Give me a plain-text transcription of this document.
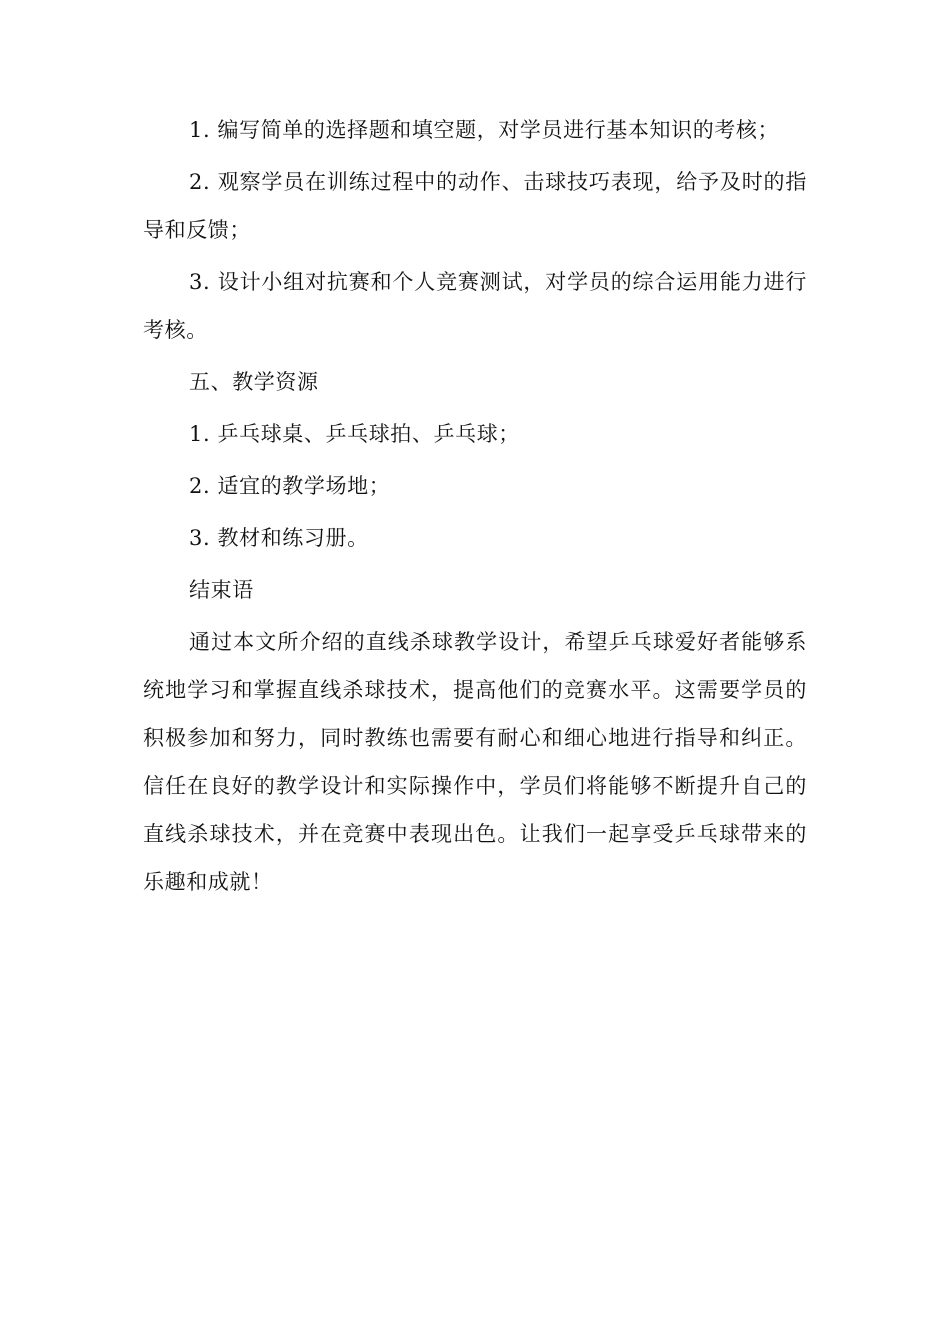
1. 编写简单的选择题和填空题，对学员进行基本知识的考核；

2. 观察学员在训练过程中的动作、击球技巧表现，给予及时的指导和反馈；

3. 设计小组对抗赛和个人竞赛测试，对学员的综合运用能力进行考核。

五、教学资源

1. 乒乓球桌、乒乓球拍、乒乓球；

2. 适宜的教学场地；

3. 教材和练习册。

结束语

通过本文所介绍的直线杀球教学设计，希望乒乓球爱好者能够系统地学习和掌握直线杀球技术，提高他们的竞赛水平。这需要学员的积极参加和努力，同时教练也需要有耐心和细心地进行指导和纠正。信任在良好的教学设计和实际操作中，学员们将能够不断提升自己的直线杀球技术，并在竞赛中表现出色。让我们一起享受乒乓球带来的乐趣和成就！
